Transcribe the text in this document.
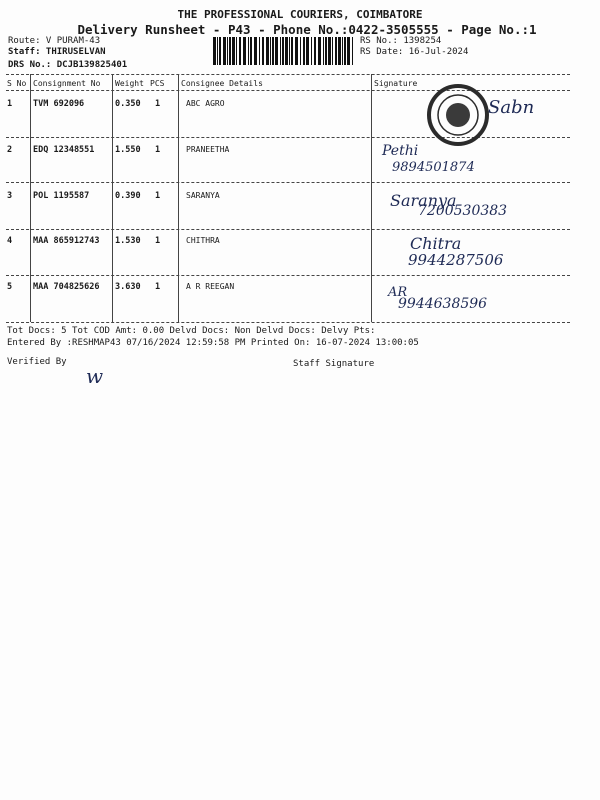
THE PROFESSIONAL COURIERS, COIMBATORE
Delivery Runsheet - P43 - Phone No.:0422-3505555 - Page No.:1
Route: V PURAM-43
Staff: THIRUSELVAN
DRS No.: DCJB139825401
RS No.: 1398254
RS Date: 16-Jul-2024
S No Consignment No Weight PCS Consignee Details	Signature
1 TVM 692096	0.350 1	ABC AGRO	Sabn
2 EDQ 12348551 1.550 1	PRANEETHA	Pethi
9894501874
3 POL 1195587	0.390 1	SARANYA	Saranya
7200530383
4 MAA 865912743 1.530 1	CHITHRA	Chitra
9944287506
5 MAA 704825626 3.630 1	A R REEGAN	AR
9944638596
Tot Docs: 5 Tot COD Amt: 0.00 Delvd Docs: Non Delvd Docs: Delvy Pts:
Entered By :RESHMAP43 07/16/2024 12:59:58 PM Printed On: 16-07-2024 13:00:05
Verified By
w	Staff Signature
